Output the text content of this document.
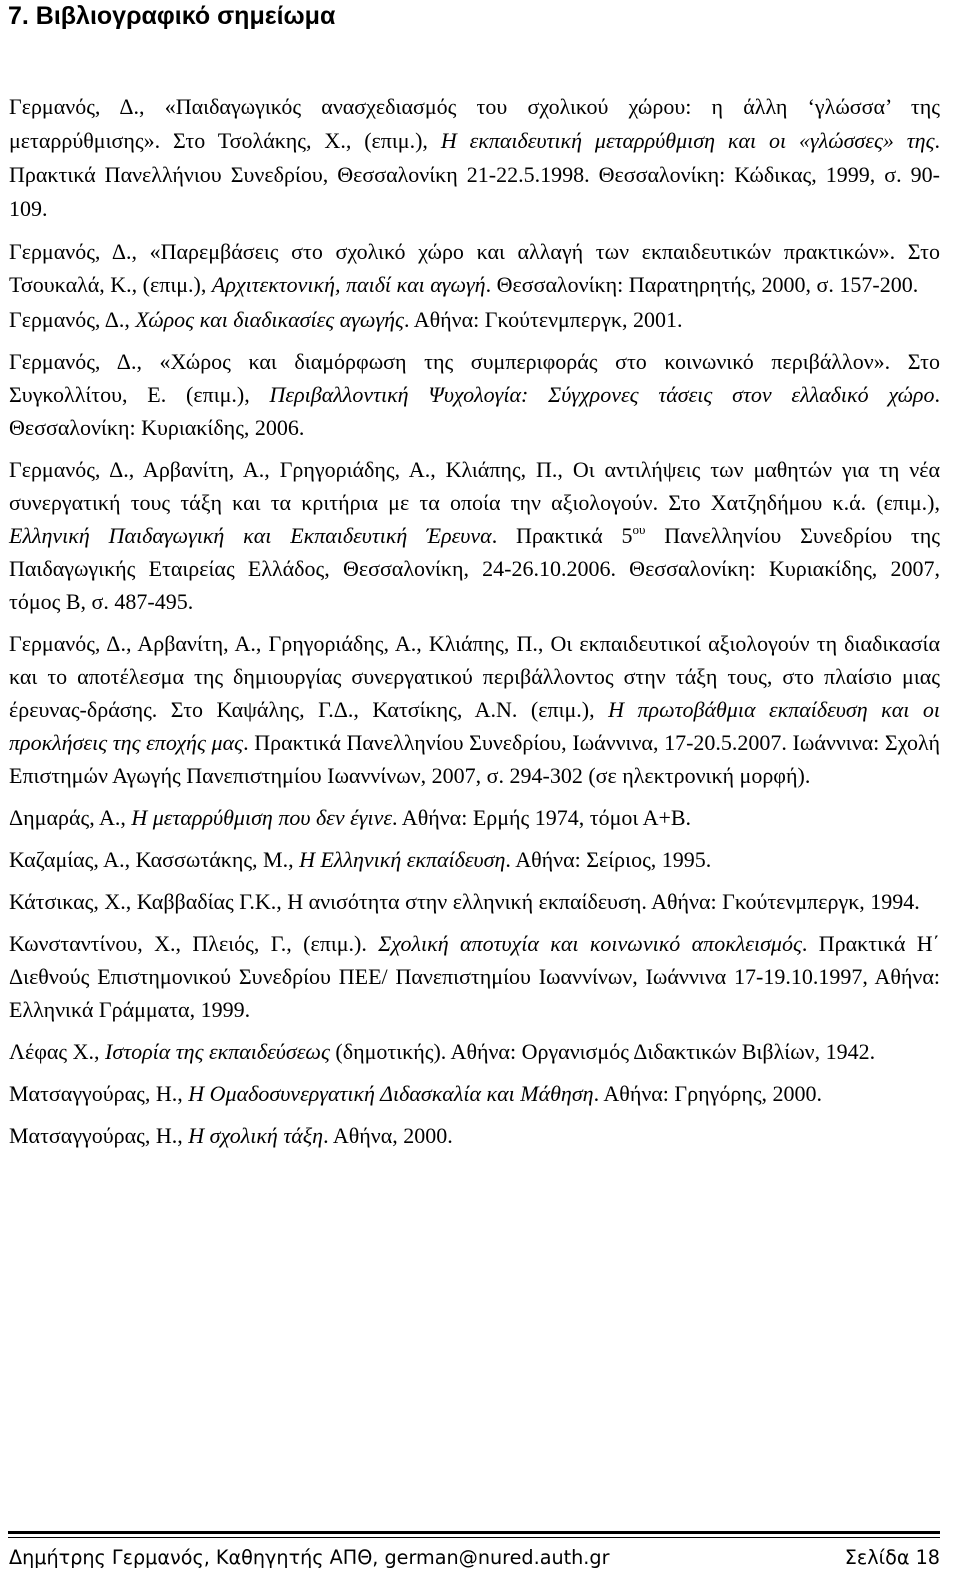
7. Βιβλιογραφικό σημείωμα

Γερμανός, Δ., «Παιδαγωγικός ανασχεδιασμός του σχολικού χώρου: η άλλη ‘γλώσσα’ της μεταρρύθμισης». Στο Τσολάκης, Χ., (επιμ.), Η εκπαιδευτική μεταρρύθμιση και οι «γλώσσες» της. Πρακτικά Πανελλήνιου Συνεδρίου, Θεσσαλονίκη 21-22.5.1998. Θεσσαλονίκη: Κώδικας, 1999, σ. 90-109.

Γερμανός, Δ., «Παρεμβάσεις στο σχολικό χώρο και αλλαγή των εκπαιδευτικών πρακτικών». Στο Τσουκαλά, Κ., (επιμ.), Αρχιτεκτονική, παιδί και αγωγή. Θεσσαλονίκη: Παρατηρητής, 2000, σ. 157-200.

Γερμανός, Δ., Χώρος και διαδικασίες αγωγής. Αθήνα: Γκούτενμπεργκ, 2001.

Γερμανός, Δ., «Χώρος και διαμόρφωση της συμπεριφοράς στο κοινωνικό περιβάλλον». Στο Συγκολλίτου, Ε. (επιμ.), Περιβαλλοντική Ψυχολογία: Σύγχρονες τάσεις στον ελλαδικό χώρο. Θεσσαλονίκη: Κυριακίδης, 2006.

Γερμανός, Δ., Αρβανίτη, Α., Γρηγοριάδης, Α., Κλιάπης, Π., Οι αντιλήψεις των μαθητών για τη νέα συνεργατική τους τάξη και τα κριτήρια με τα οποία την αξιολογούν. Στο Χατζηδήμου κ.ά. (επιμ.), Ελληνική Παιδαγωγική και Εκπαιδευτική Έρευνα. Πρακτικά $5^{o\upsilon}$ Πανελληνίου Συνεδρίου της Παιδαγωγικής Εταιρείας Ελλάδος, Θεσσαλονίκη, 24-26.10.2006. Θεσσαλονίκη: Κυριακίδης, 2007, τόμος Β, σ. 487-495.

Γερμανός, Δ., Αρβανίτη, Α., Γρηγοριάδης, Α., Κλιάπης, Π., Οι εκπαιδευτικοί αξιολογούν τη διαδικασία και το αποτέλεσμα της δημιουργίας συνεργατικού περιβάλλοντος στην τάξη τους, στο πλαίσιο μιας έρευνας-δράσης. Στο Καψάλης, Γ.Δ., Κατσίκης, Α.Ν. (επιμ.), Η πρωτοβάθμια εκπαίδευση και οι προκλήσεις της εποχής μας. Πρακτικά Πανελληνίου Συνεδρίου, Ιωάννινα, 17-20.5.2007. Ιωάννινα: Σχολή Επιστημών Αγωγής Πανεπιστημίου Ιωαννίνων, 2007, σ. 294-302 (σε ηλεκτρονική μορφή).

Δημαράς, Α., Η μεταρρύθμιση που δεν έγινε. Αθήνα: Ερμής 1974, τόμοι Α+Β.

Καζαμίας, Α., Κασσωτάκης, Μ., Η Ελληνική εκπαίδευση. Αθήνα: Σείριος, 1995.

Κάτσικας, Χ., Καββαδίας Γ.Κ., Η ανισότητα στην ελληνική εκπαίδευση. Αθήνα: Γκούτενμπεργκ, 1994.

Κωνσταντίνου, Χ., Πλειός, Γ., (επιμ.). Σχολική αποτυχία και κοινωνικό αποκλεισμός. Πρακτικά Η΄ Διεθνούς Επιστημονικού Συνεδρίου ΠΕΕ/ Πανεπιστημίου Ιωαννίνων, Ιωάννινα 17-19.10.1997, Αθήνα: Ελληνικά Γράμματα, 1999.

Λέφας Χ., Ιστορία της εκπαιδεύσεως (δημοτικής). Αθήνα: Οργανισμός Διδακτικών Βιβλίων, 1942.

Ματσαγγούρας, Η., Η Ομαδοσυνεργατική Διδασκαλία και Μάθηση. Αθήνα: Γρηγόρης, 2000.

Ματσαγγούρας, Η., Η σχολική τάξη. Αθήνα, 2000.

Δημήτρης Γερμανός, Καθηγητής ΑΠΘ, german@nured.auth.gr	Σελίδα 18
